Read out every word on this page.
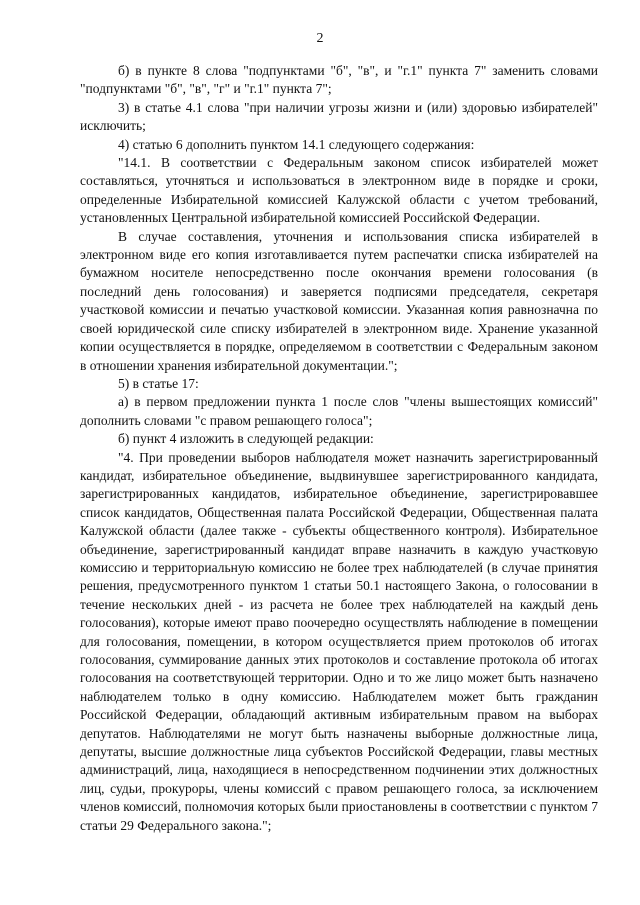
2

б) в пункте 8 слова "подпунктами "б", "в", и "г.1" пункта 7" заменить словами "подпунктами "б", "в", "г" и "г.1" пункта 7";

3) в статье 4.1 слова "при наличии угрозы жизни и (или) здоровью избирателей" исключить;

4) статью 6 дополнить пунктом 14.1 следующего содержания:

"14.1. В соответствии с Федеральным законом список избирателей может составляться, уточняться и использоваться в электронном виде в порядке и сроки, определенные Избирательной комиссией Калужской области с учетом требований, установленных Центральной избирательной комиссией Российской Федерации.

В случае составления, уточнения и использования списка избирателей в электронном виде его копия изготавливается путем распечатки списка избирателей на бумажном носителе непосредственно после окончания времени голосования (в последний день голосования) и заверяется подписями председателя, секретаря участковой комиссии и печатью участковой комиссии. Указанная копия равнозначна по своей юридической силе списку избирателей в электронном виде. Хранение указанной копии осуществляется в порядке, определяемом в соответствии с Федеральным законом в отношении хранения избирательной документации.";

5) в статье 17:

а) в первом предложении пункта 1 после слов "члены вышестоящих комиссий" дополнить словами "с правом решающего голоса";

б) пункт 4 изложить в следующей редакции:

"4. При проведении выборов наблюдателя может назначить зарегистрированный кандидат, избирательное объединение, выдвинувшее зарегистрированного кандидата, зарегистрированных кандидатов, избирательное объединение, зарегистрировавшее список кандидатов, Общественная палата Российской Федерации, Общественная палата Калужской области (далее также - субъекты общественного контроля). Избирательное объединение, зарегистрированный кандидат вправе назначить в каждую участковую комиссию и территориальную комиссию не более трех наблюдателей (в случае принятия решения, предусмотренного пунктом 1 статьи 50.1 настоящего Закона, о голосовании в течение нескольких дней - из расчета не более трех наблюдателей на каждый день голосования), которые имеют право поочередно осуществлять наблюдение в помещении для голосования, помещении, в котором осуществляется прием протоколов об итогах голосования, суммирование данных этих протоколов и составление протокола об итогах голосования на соответствующей территории. Одно и то же лицо может быть назначено наблюдателем только в одну комиссию. Наблюдателем может быть гражданин Российской Федерации, обладающий активным избирательным правом на выборах депутатов. Наблюдателями не могут быть назначены выборные должностные лица, депутаты, высшие должностные лица субъектов Российской Федерации, главы местных администраций, лица, находящиеся в непосредственном подчинении этих должностных лиц, судьи, прокуроры, члены комиссий с правом решающего голоса, за исключением членов комиссий, полномочия которых были приостановлены в соответствии с пунктом 7 статьи 29 Федерального закона.";
